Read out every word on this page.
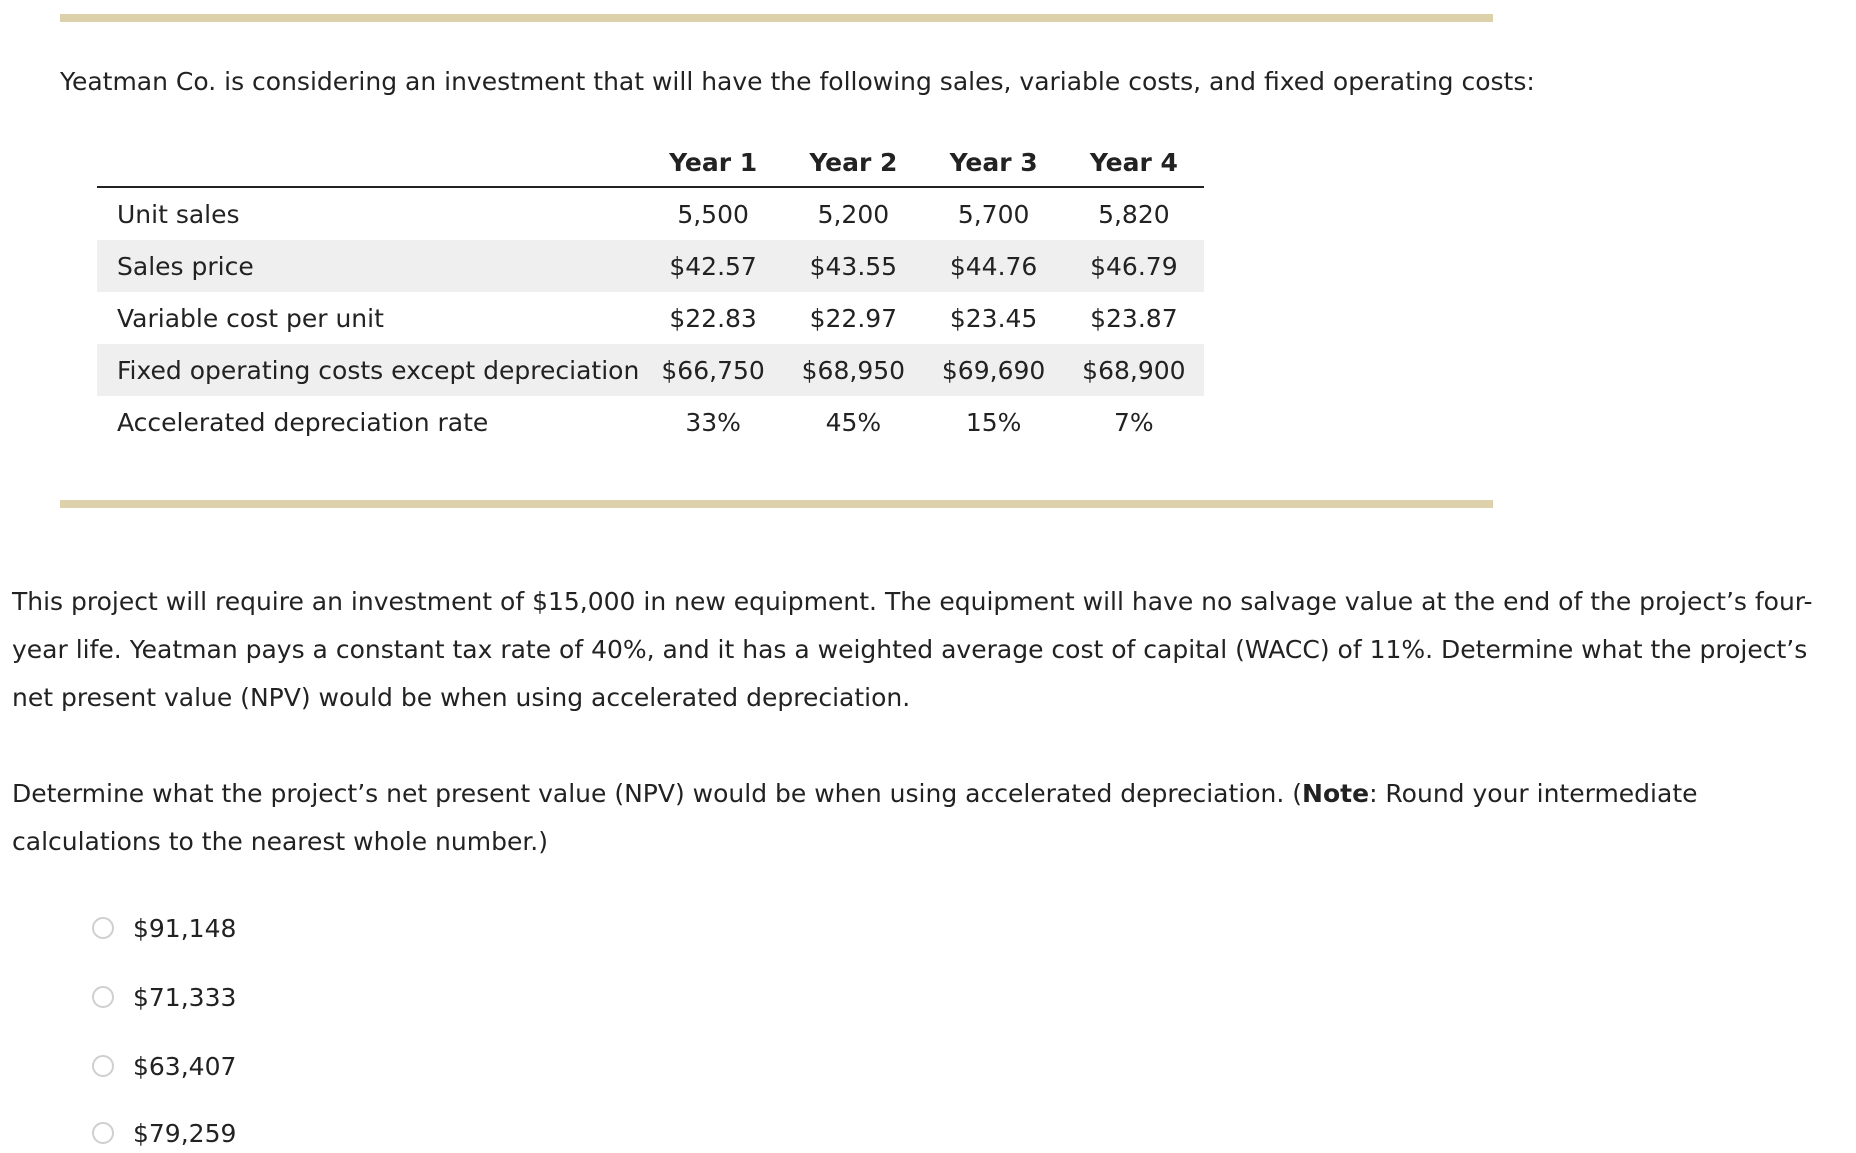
Yeatman Co. is considering an investment that will have the following sales, variable costs, and fixed operating costs:
	Year 1	Year 2	Year 3	Year 4
Unit sales	5,500	5,200	5,700	5,820
Sales price	$42.57	$43.55	$44.76	$46.79
Variable cost per unit	$22.83	$22.97	$23.45	$23.87
Fixed operating costs except depreciation	$66,750	$68,950	$69,690	$68,900
Accelerated depreciation rate	33%	45%	15%	7%
This project will require an investment of $15,000 in new equipment. The equipment will have no salvage value at the end of the project’s four-year life. Yeatman pays a constant tax rate of 40%, and it has a weighted average cost of capital (WACC) of 11%. Determine what the project’s net present value (NPV) would be when using accelerated depreciation.
Determine what the project’s net present value (NPV) would be when using accelerated depreciation. (Note: Round your intermediate calculations to the nearest whole number.)
$91,148
$71,333
$63,407
$79,259
